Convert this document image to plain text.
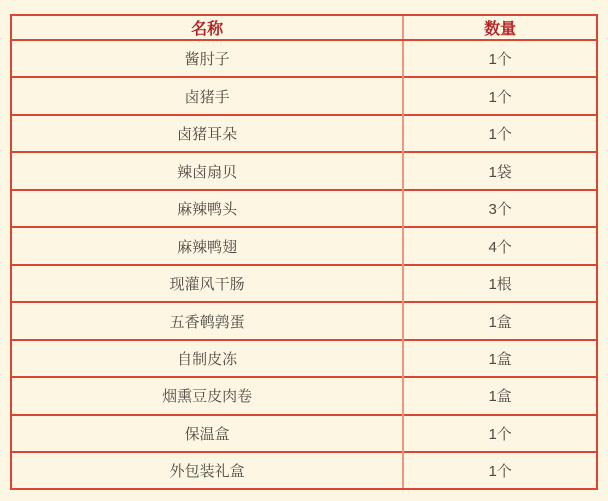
名称	数量
酱肘子	1个
卤猪手	1个
卤猪耳朵	1个
辣卤扇贝	1袋
麻辣鸭头	3个
麻辣鸭翅	4个
现灌风干肠	1根
五香鹌鹑蛋	1盒
自制皮冻	1盒
烟熏豆皮肉卷	1盒
保温盒	1个
外包装礼盒	1个
